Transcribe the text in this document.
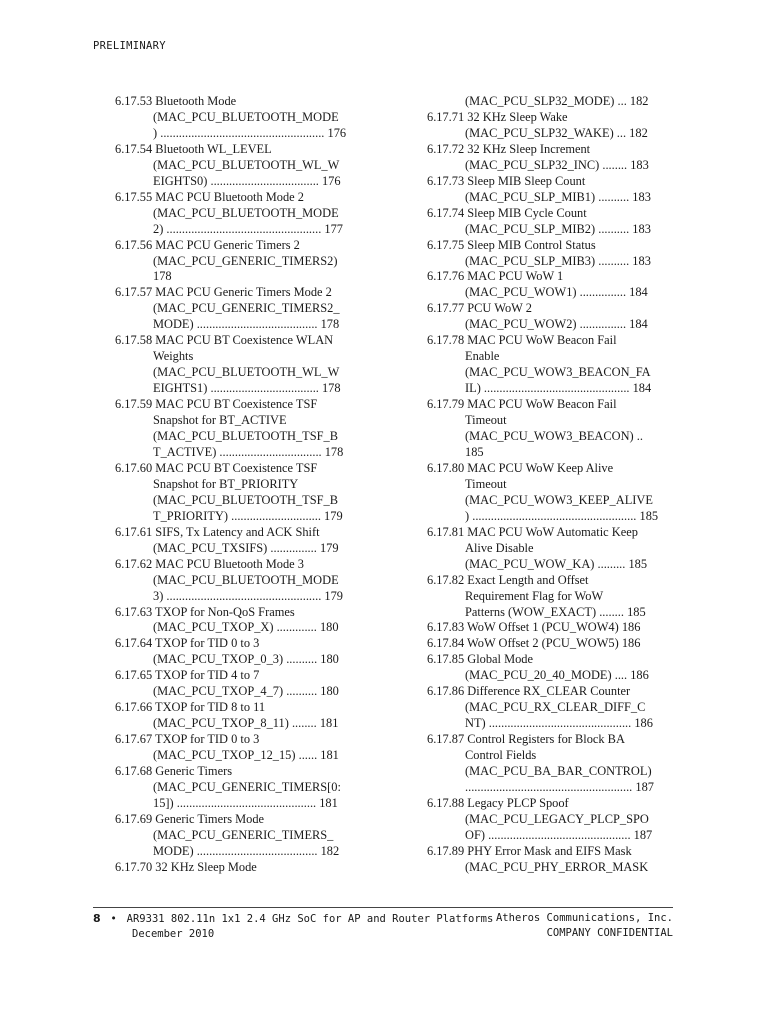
PRELIMINARY
6.17.53 Bluetooth Mode
(MAC_PCU_BLUETOOTH_MODE
) ..................................................... 176
6.17.54 Bluetooth WL_LEVEL
(MAC_PCU_BLUETOOTH_WL_W
EIGHTS0) ................................... 176
6.17.55 MAC PCU Bluetooth Mode 2
(MAC_PCU_BLUETOOTH_MODE
2) .................................................. 177
6.17.56 MAC PCU Generic Timers 2
(MAC_PCU_GENERIC_TIMERS2)
178
6.17.57 MAC PCU Generic Timers Mode 2
(MAC_PCU_GENERIC_TIMERS2_
MODE) ....................................... 178
6.17.58 MAC PCU BT Coexistence WLAN
Weights
(MAC_PCU_BLUETOOTH_WL_W
EIGHTS1) ................................... 178
6.17.59 MAC PCU BT Coexistence TSF
Snapshot for BT_ACTIVE
(MAC_PCU_BLUETOOTH_TSF_B
T_ACTIVE) ................................. 178
6.17.60 MAC PCU BT Coexistence TSF
Snapshot for BT_PRIORITY
(MAC_PCU_BLUETOOTH_TSF_B
T_PRIORITY) ............................. 179
6.17.61 SIFS, Tx Latency and ACK Shift
(MAC_PCU_TXSIFS) ............... 179
6.17.62 MAC PCU Bluetooth Mode 3
(MAC_PCU_BLUETOOTH_MODE
3) .................................................. 179
6.17.63 TXOP for Non-QoS Frames
(MAC_PCU_TXOP_X) ............. 180
6.17.64 TXOP for TID 0 to 3
(MAC_PCU_TXOP_0_3) .......... 180
6.17.65 TXOP for TID 4 to 7
(MAC_PCU_TXOP_4_7) .......... 180
6.17.66 TXOP for TID 8 to 11
(MAC_PCU_TXOP_8_11) ........ 181
6.17.67 TXOP for TID 0 to 3
(MAC_PCU_TXOP_12_15) ...... 181
6.17.68 Generic Timers
(MAC_PCU_GENERIC_TIMERS[0:
15]) ............................................. 181
6.17.69 Generic Timers Mode
(MAC_PCU_GENERIC_TIMERS_
MODE) ....................................... 182
6.17.70 32 KHz Sleep Mode
(MAC_PCU_SLP32_MODE) ... 182
6.17.71 32 KHz Sleep Wake
(MAC_PCU_SLP32_WAKE) ... 182
6.17.72 32 KHz Sleep Increment
(MAC_PCU_SLP32_INC) ........ 183
6.17.73 Sleep MIB Sleep Count
(MAC_PCU_SLP_MIB1) .......... 183
6.17.74 Sleep MIB Cycle Count
(MAC_PCU_SLP_MIB2) .......... 183
6.17.75 Sleep MIB Control Status
(MAC_PCU_SLP_MIB3) .......... 183
6.17.76 MAC PCU WoW 1
(MAC_PCU_WOW1) ............... 184
6.17.77 PCU WoW 2
(MAC_PCU_WOW2) ............... 184
6.17.78 MAC PCU WoW Beacon Fail
Enable
(MAC_PCU_WOW3_BEACON_FA
IL) ............................................... 184
6.17.79 MAC PCU WoW Beacon Fail
Timeout
(MAC_PCU_WOW3_BEACON) ..
185
6.17.80 MAC PCU WoW Keep Alive
Timeout
(MAC_PCU_WOW3_KEEP_ALIVE
) ..................................................... 185
6.17.81 MAC PCU WoW Automatic Keep
Alive Disable
(MAC_PCU_WOW_KA) ......... 185
6.17.82 Exact Length and Offset
Requirement Flag for WoW
Patterns (WOW_EXACT) ........ 185
6.17.83 WoW Offset 1 (PCU_WOW4) 186
6.17.84 WoW Offset 2 (PCU_WOW5) 186
6.17.85 Global Mode
(MAC_PCU_20_40_MODE) .... 186
6.17.86 Difference RX_CLEAR Counter
(MAC_PCU_RX_CLEAR_DIFF_C
NT) .............................................. 186
6.17.87 Control Registers for Block BA
Control Fields
(MAC_PCU_BA_BAR_CONTROL)
...................................................... 187
6.17.88 Legacy PLCP Spoof
(MAC_PCU_LEGACY_PLCP_SPO
OF) .............................................. 187
6.17.89 PHY Error Mask and EIFS Mask
(MAC_PCU_PHY_ERROR_MASK
8 • AR9331 802.11n 1x1 2.4 GHz SoC for AP and Router Platforms
December 2010
Atheros Communications, Inc.
COMPANY CONFIDENTIAL
